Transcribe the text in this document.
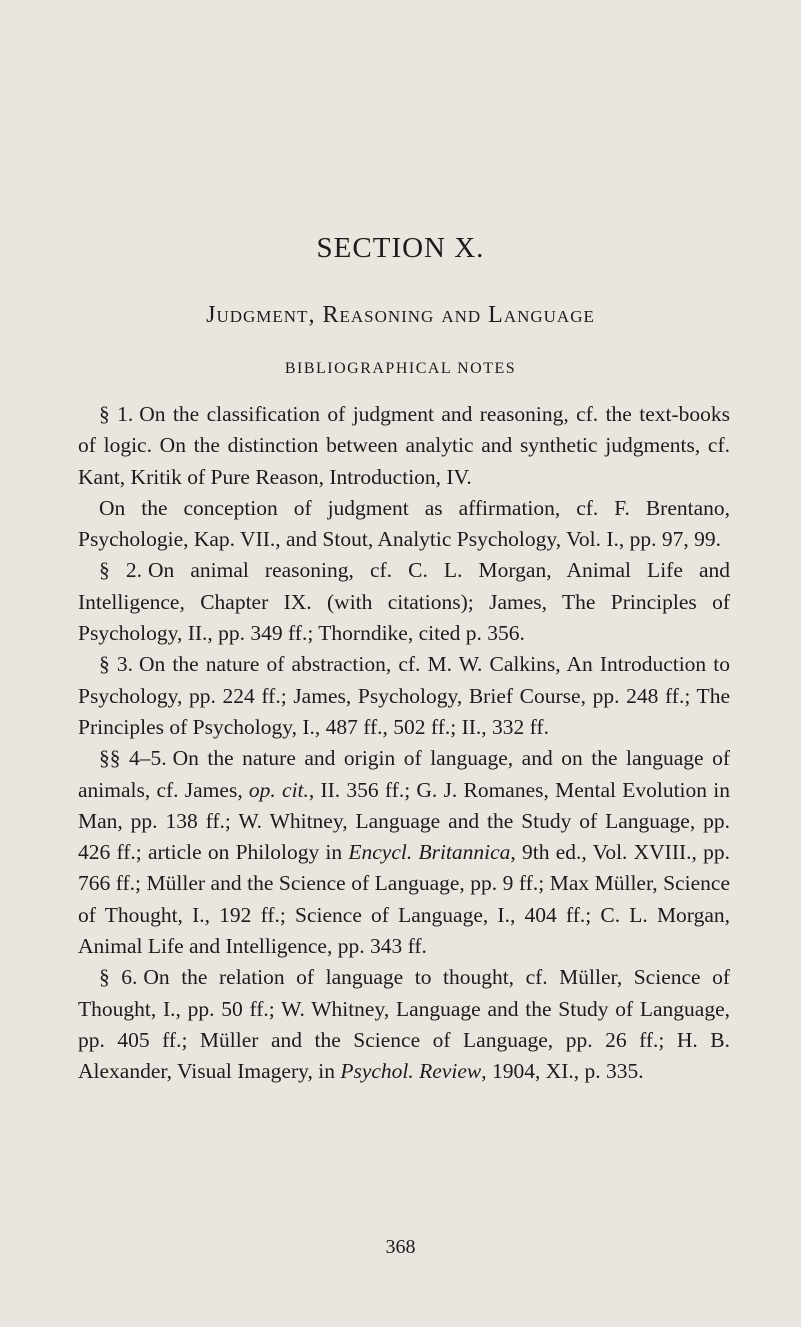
SECTION X.
Judgment, Reasoning and Language
BIBLIOGRAPHICAL NOTES

§ 1. On the classification of judgment and reasoning, cf. the text-books of logic. On the distinction between analytic and synthetic judgments, cf. Kant, Kritik of Pure Reason, Introduction, IV.

On the conception of judgment as affirmation, cf. F. Brentano, Psychologie, Kap. VII., and Stout, Analytic Psychology, Vol. I., pp. 97, 99.

§ 2. On animal reasoning, cf. C. L. Morgan, Animal Life and Intelligence, Chapter IX. (with citations); James, The Principles of Psychology, II., pp. 349 ff.; Thorndike, cited p. 356.

§ 3. On the nature of abstraction, cf. M. W. Calkins, An Introduction to Psychology, pp. 224 ff.; James, Psychology, Brief Course, pp. 248 ff.; The Principles of Psychology, I., 487 ff., 502 ff.; II., 332 ff.

§§ 4–5. On the nature and origin of language, and on the language of animals, cf. James, op. cit., II. 356 ff.; G. J. Romanes, Mental Evolution in Man, pp. 138 ff.; W. Whitney, Language and the Study of Language, pp. 426 ff.; article on Philology in Encycl. Britannica, 9th ed., Vol. XVIII., pp. 766 ff.; Müller and the Science of Language, pp. 9 ff.; Max Müller, Science of Thought, I., 192 ff.; Science of Language, I., 404 ff.; C. L. Morgan, Animal Life and Intelligence, pp. 343 ff.

§ 6. On the relation of language to thought, cf. Müller, Science of Thought, I., pp. 50 ff.; W. Whitney, Language and the Study of Language, pp. 405 ff.; Müller and the Science of Language, pp. 26 ff.; H. B. Alexander, Visual Imagery, in Psychol. Review, 1904, XI., p. 335.

368
